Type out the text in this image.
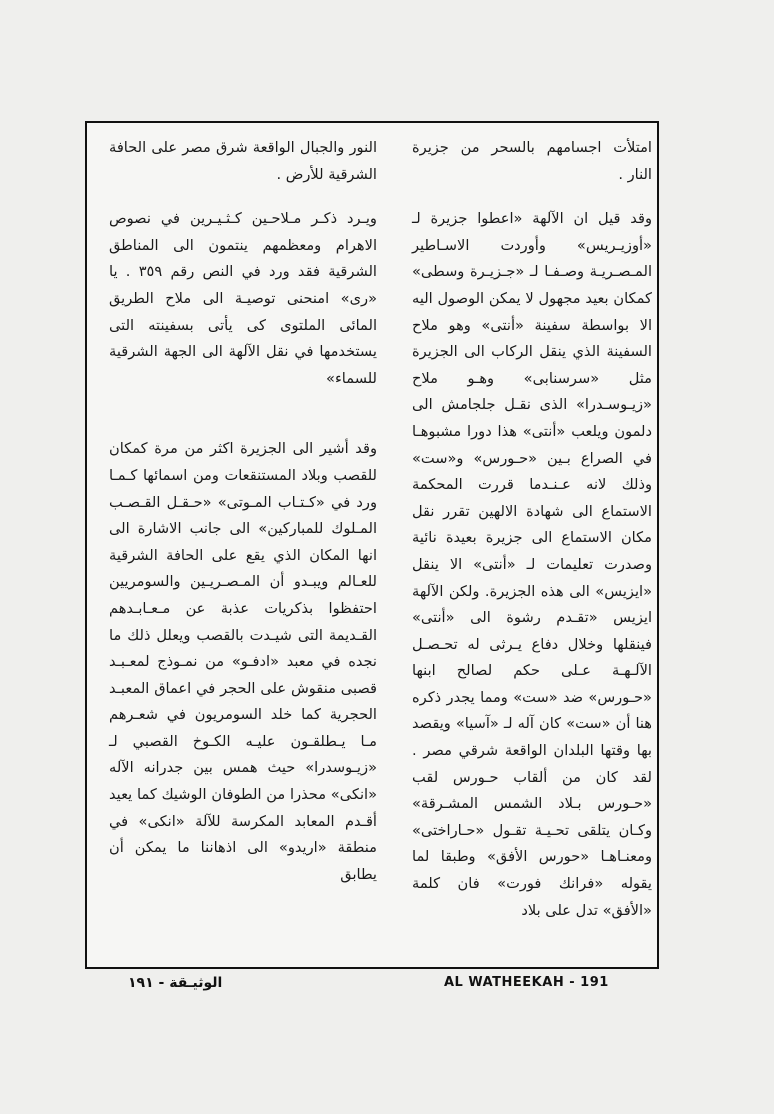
امتلأت اجسامهم بالسحر من جزيرة النار .

وقد قيل ان الآلهة «اعطوا جزيرة لـ «أوزيـريس» وأوردت الاسـاطير المـصـريـة وصـفـا لـ «جـزيـرة وسطى» كمكان بعيد مجهول لا يمكن الوصول اليه الا بواسطة سفينة «أنتى» وهو ملاح السفينة الذي ينقل الركاب الى الجزيرة مثل «سرسنابى» وهـو ملاح «زيـوسـدرا» الذى نقـل جلجامش الى دلمون ويلعب «أنتى» هذا دورا مشبوهـا في الصراع بـين «حـورس» و«ست» وذلك لانه عـنـدما قررت المحكمة الاستماع الى شهادة الالهين تقرر نقل مكان الاستماع الى جزيرة بعيدة نائية وصدرت تعليمات لـ «أنتى» الا ينقل «ايزيس» الى هذه الجزيرة. ولكن الآلهة ايزيس «تقـدم رشوة الى «أنتى» فينقلها وخلال دفاع يـرثى له تحـصـل الآلـهـة عـلى حكم لصالح ابنها «حـورس» ضد «ست» ومما يجدر ذكره هنا أن «ست» كان آله لـ «آسيا» ويقصد بها وقتها البلدان الواقعة شرقي مصر . لقد كان من ألقاب حـورس لقب «حـورس بـلاد الشمس المشـرقة» وكـان يتلقى تحـيـة تقـول «حـاراختى» ومعنـاهـا «حورس الأفق» وطبقا لما يقوله «فرانك فورت» فان كلمة «الأفق» تدل على بلاد

النور والجبال الواقعة شرق مصر على الحافة الشرقية للأرض .

ويـرد ذكـر مـلاحـين كـثـيـرين في نصوص الاهرام ومعظمهم ينتمون الى المناطق الشرقية فقد ورد في النص رقم ٣٥٩ . يا «رى» امنحنى توصيـة الى ملاح الطريق المائى الملتوى كى يأتى بسفينته التى يستخدمها في نقل الآلهة الى الجهة الشرقية للسماء»

وقد أشير الى الجزيرة اكثر من مرة كمكان للقصب وبلاد المستنقعات ومن اسمائها كـمـا ورد في «كـتـاب المـوتى» «حـقـل القـصـب المـلوك للمباركين» الى جانب الاشارة الى انها المكان الذي يقع على الحافة الشرقية للعـالم ويبـدو أن المـصـريـين والسومريين احتفظوا بذكريات عذبة عن مـعـابـدهم القـديمة التى شيـدت بالقصب ويعلل ذلك ما نجده في معبد «ادفـو» من نمـوذج لمعـبـد قصبى منقوش على الحجر في اعماق المعبـد الحجرية كما خلد السومريون في شعـرهم مـا يـطلقـون عليـه الكـوخ القصبي لـ «زيـوسدرا» حيث همس بين جدرانه الآله «انكى» محذرا من الطوفان الوشيك كما يعيد أقـدم المعابد المكرسة للآلة «انكى» في منطقة «اريدو» الى اذهاننا ما يمكن أن يطابق

AL WATHEEKAH - 191
الوثيـقة - ١٩١
